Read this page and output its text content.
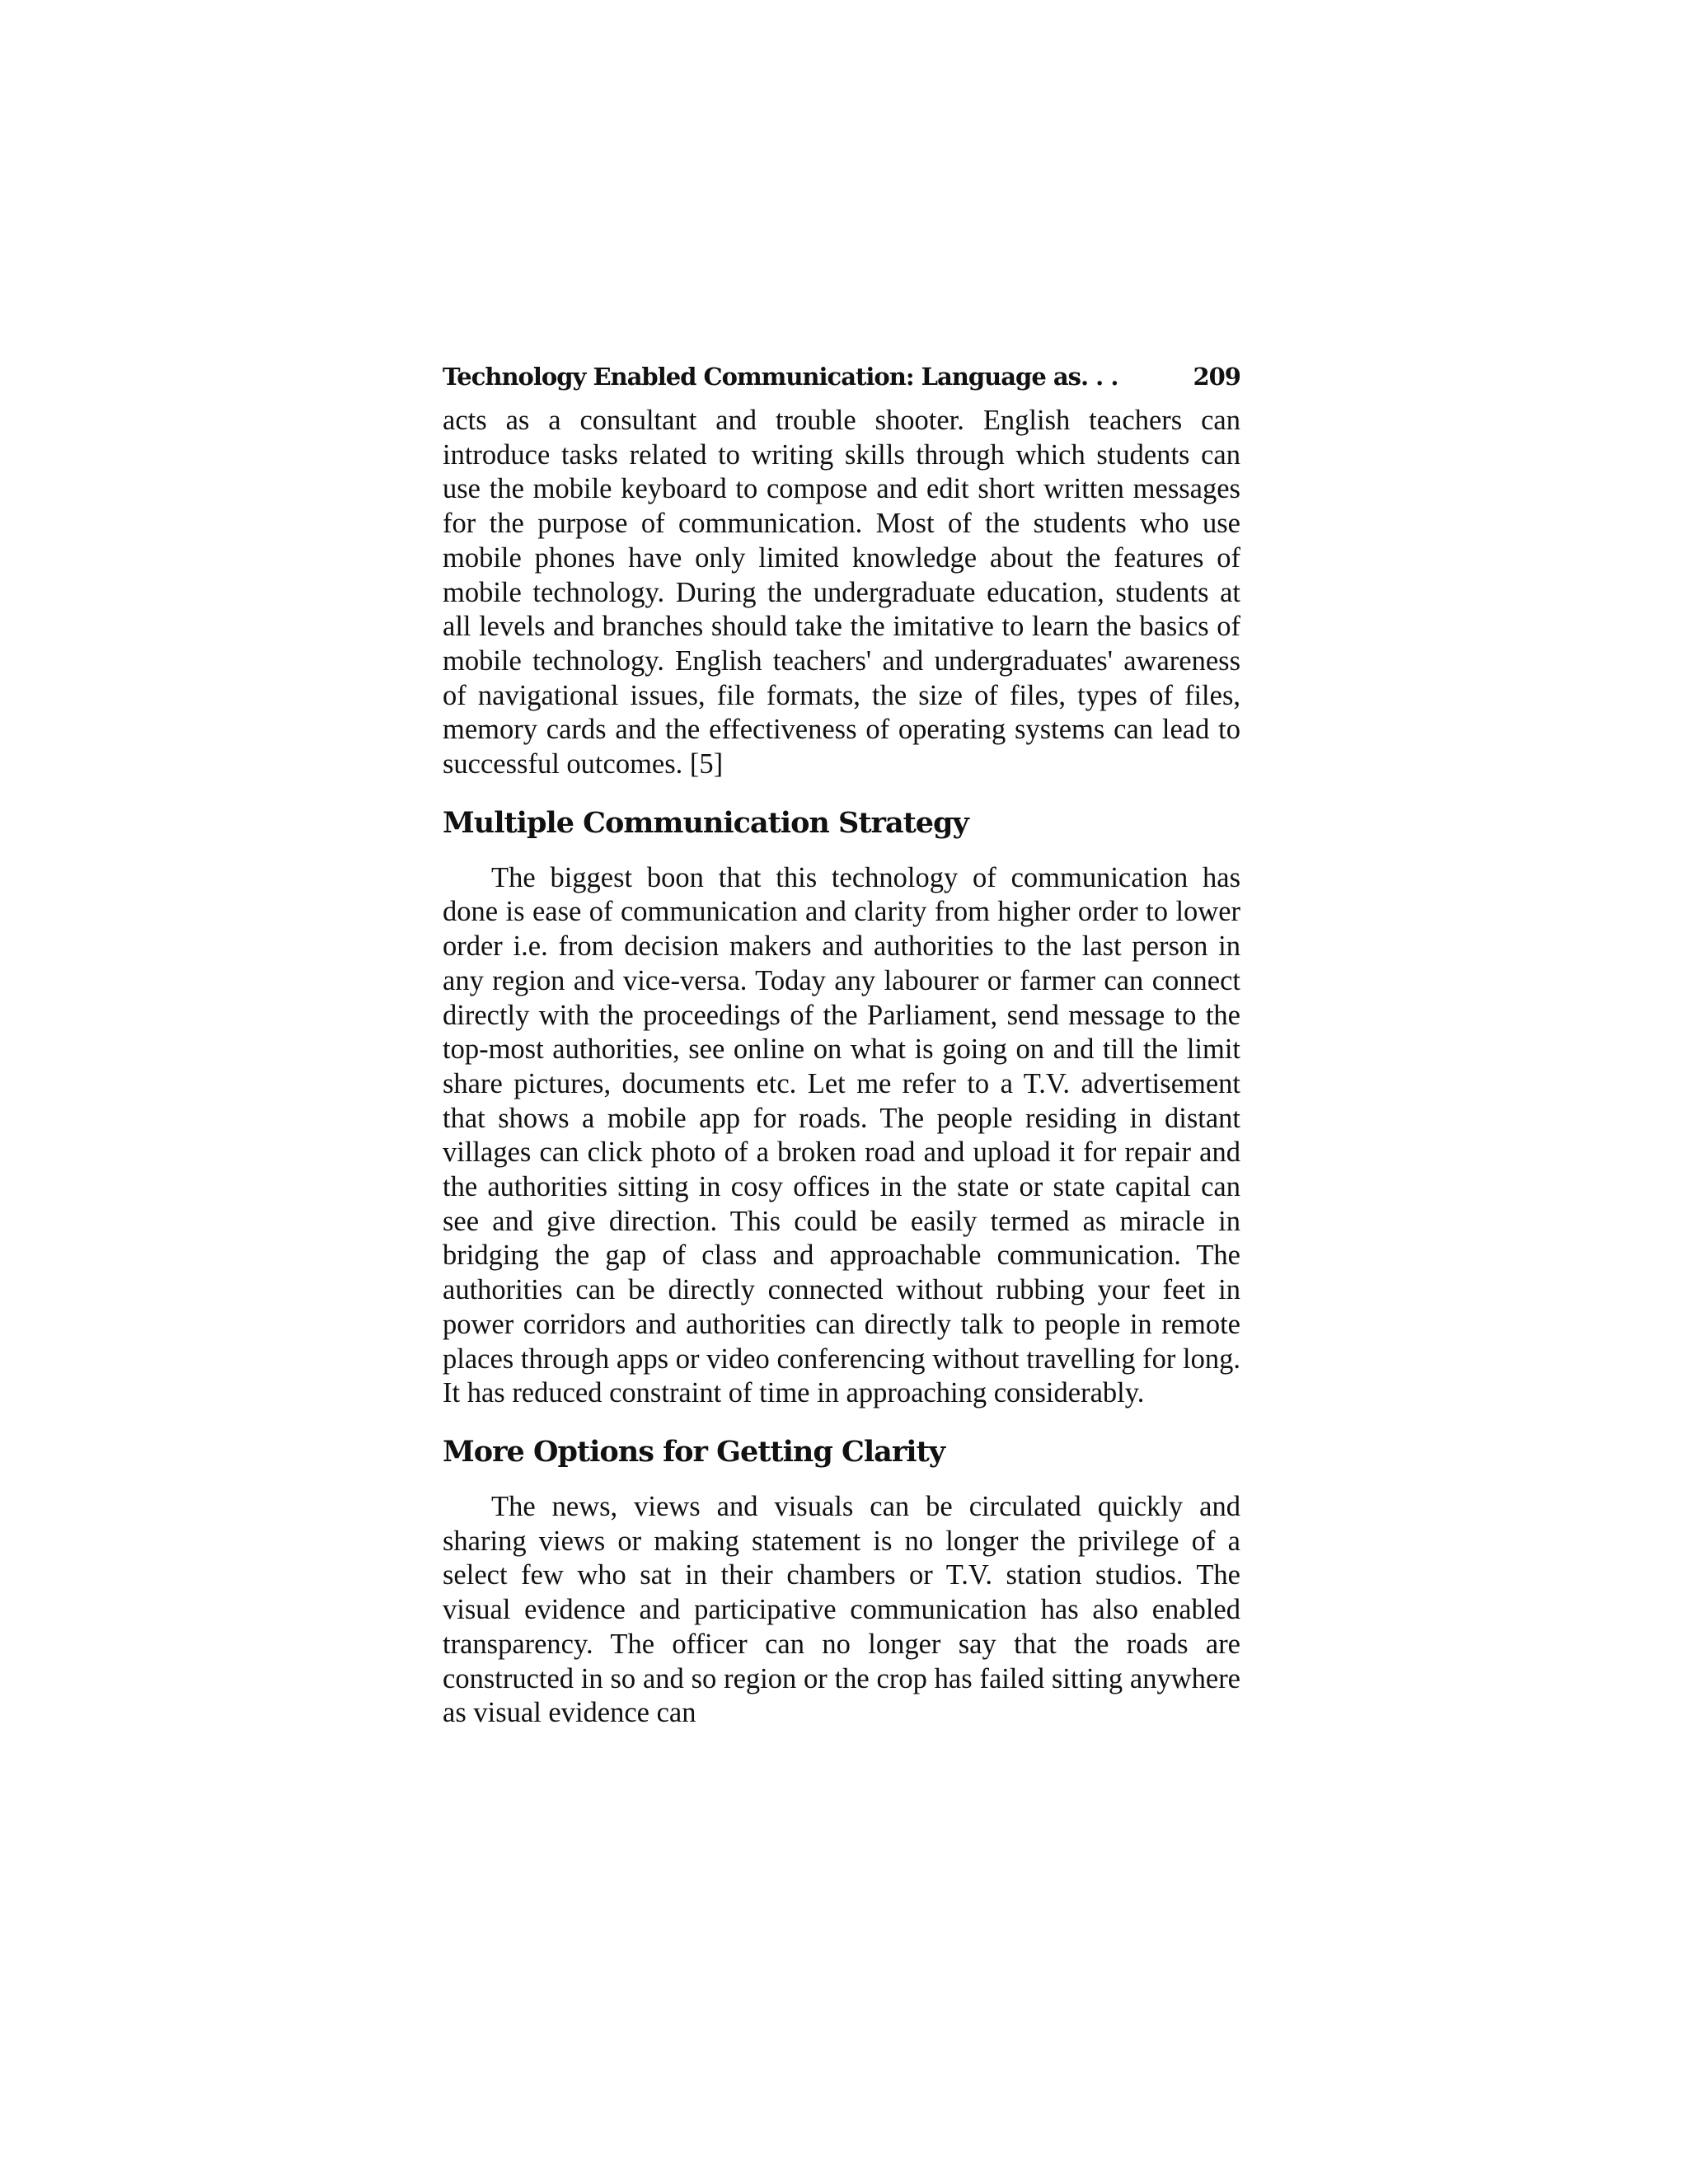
Technology Enabled Communication: Language as. . .	209

acts as a consultant and trouble shooter. English teachers can introduce tasks related to writing skills through which students can use the mobile keyboard to compose and edit short written messages for the purpose of communication. Most of the students who use mobile phones have only limited knowledge about the features of mobile technology. During the undergraduate education, students at all levels and branches should take the imitative to learn the basics of mobile technology. English teachers' and undergraduates' awareness of navigational issues, file formats, the size of files, types of files, memory cards and the effectiveness of operating systems can lead to successful outcomes. [5]

Multiple Communication Strategy

The biggest boon that this technology of communication has done is ease of communication and clarity from higher order to lower order i.e. from decision makers and authorities to the last person in any region and vice-versa. Today any labourer or farmer can connect directly with the proceedings of the Parliament, send message to the top-most authorities, see online on what is going on and till the limit share pictures, documents etc. Let me refer to a T.V. advertisement that shows a mobile app for roads. The people residing in distant villages can click photo of a broken road and upload it for repair and the authorities sitting in cosy offices in the state or state capital can see and give direction. This could be easily termed as miracle in bridging the gap of class and approachable communication. The authorities can be directly connected without rubbing your feet in power corridors and authorities can directly talk to people in remote places through apps or video conferencing without travelling for long. It has reduced constraint of time in approaching considerably.

More Options for Getting Clarity

The news, views and visuals can be circulated quickly and sharing views or making statement is no longer the privilege of a select few who sat in their chambers or T.V. station studios. The visual evidence and participative communication has also enabled transparency. The officer can no longer say that the roads are constructed in so and so region or the crop has failed sitting anywhere as visual evidence can
